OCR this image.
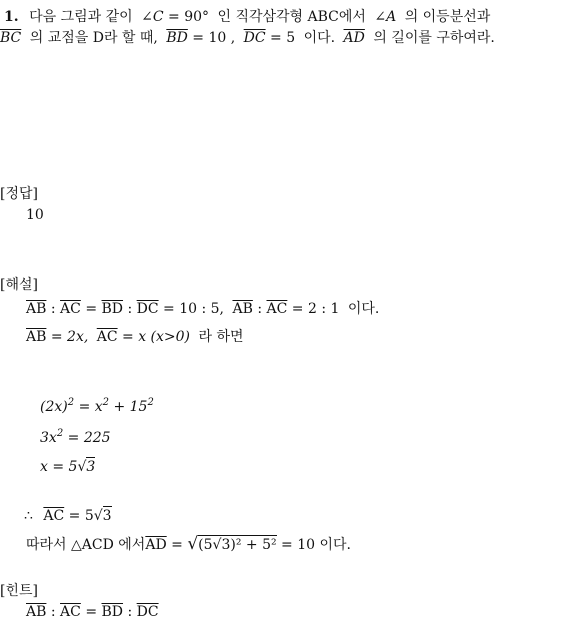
1. 다음 그림과 같이 ∠C = 90° 인 직각삼각형 ABC에서 ∠A 의 이등분선과
$\overline{BC}$ 의 교점을 D라 할 때, $\overline{BD} = 10$ , $\overline{DC} = 5$ 이다. $\overline{AD}$ 의 길이를 구하여라.
[정답]
10
[해설]
$\overline{AB}$ : $\overline{AC} = \overline{BD}$ : $\overline{DC} = 10$ : 5, $\overline{AB}$ : $\overline{AC} = 2$ : 1 이다.
$\overline{AB} = 2x$, $\overline{AC} = x$ (x>0) 라 하면
$(2x)^2 = x^2 + 15^2$
$3x^2 = 225$
x = 5√3
∴ $\overline{AC} = 5√3$
따라서 △ACD 에서$\overline{AD} = √(5√3)^2 + 5^2 = 10$ 이다.
[힌트]
$\overline{AB}$ : $\overline{AC} = \overline{BD}$ : $\overline{DC}$
